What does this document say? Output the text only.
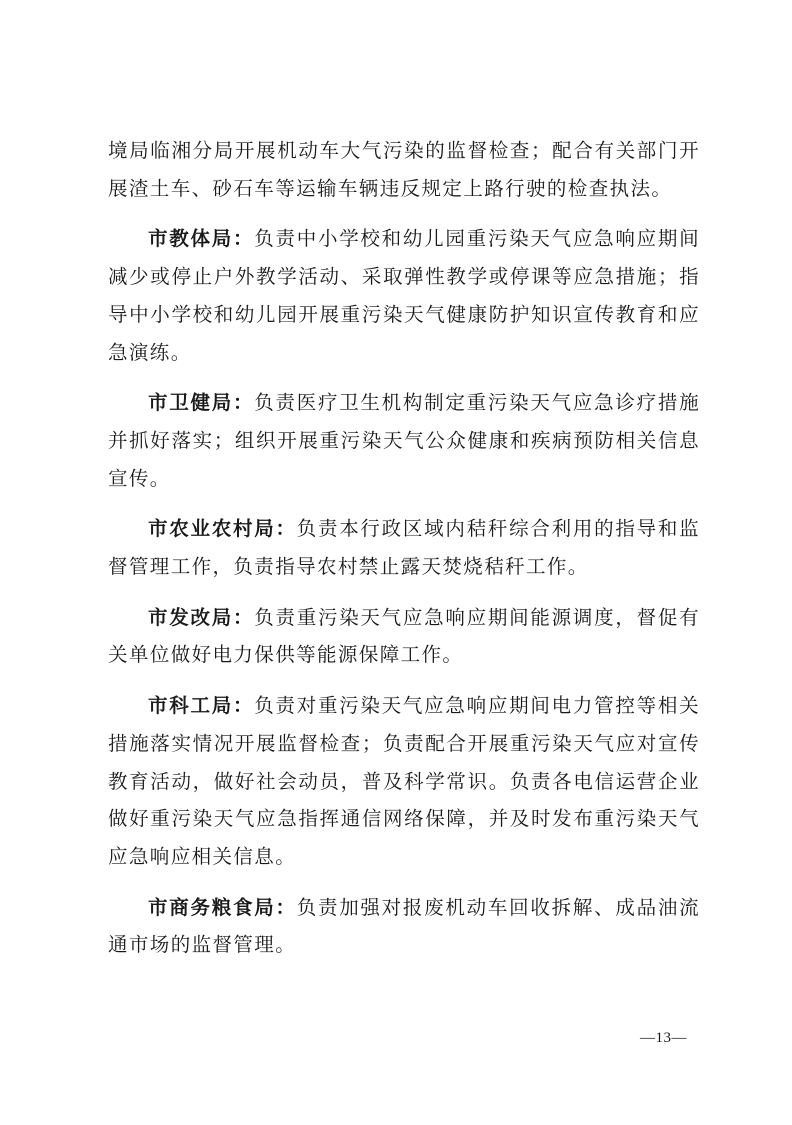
境局临湘分局开展机动车大气污染的监督检查；配合有关部门开展渣土车、砂石车等运输车辆违反规定上路行驶的检查执法。

市教体局：负责中小学校和幼儿园重污染天气应急响应期间减少或停止户外教学活动、采取弹性教学或停课等应急措施；指导中小学校和幼儿园开展重污染天气健康防护知识宣传教育和应急演练。

市卫健局：负责医疗卫生机构制定重污染天气应急诊疗措施并抓好落实；组织开展重污染天气公众健康和疾病预防相关信息宣传。

市农业农村局：负责本行政区域内秸秆综合利用的指导和监督管理工作，负责指导农村禁止露天焚烧秸秆工作。

市发改局：负责重污染天气应急响应期间能源调度，督促有关单位做好电力保供等能源保障工作。

市科工局：负责对重污染天气应急响应期间电力管控等相关措施落实情况开展监督检查；负责配合开展重污染天气应对宣传教育活动，做好社会动员，普及科学常识。负责各电信运营企业做好重污染天气应急指挥通信网络保障，并及时发布重污染天气应急响应相关信息。

市商务粮食局：负责加强对报废机动车回收拆解、成品油流通市场的监督管理。

—13—
